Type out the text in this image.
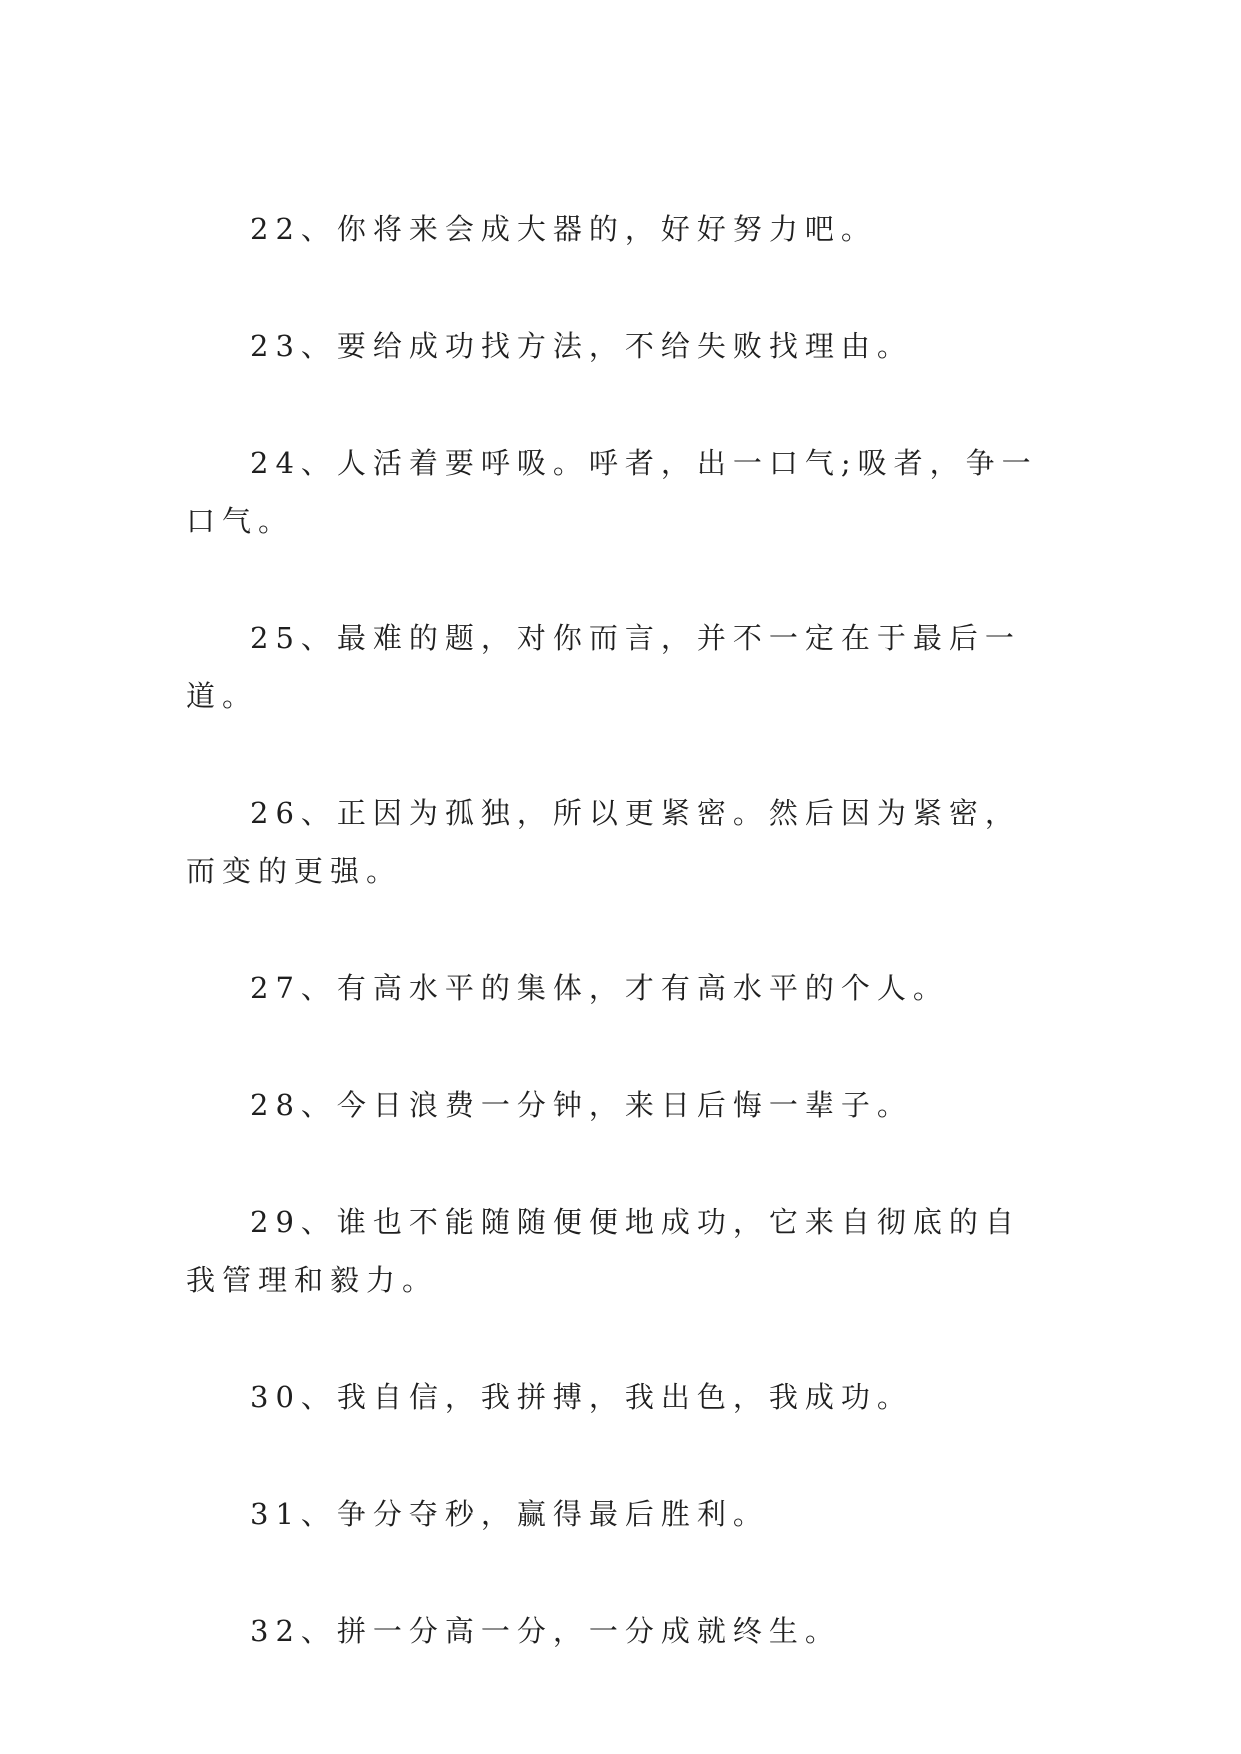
22、你将来会成大器的，好好努力吧。

23、要给成功找方法，不给失败找理由。

24、人活着要呼吸。呼者，出一口气;吸者，争一口气。

25、最难的题，对你而言，并不一定在于最后一道。

26、正因为孤独，所以更紧密。然后因为紧密，而变的更强。

27、有高水平的集体，才有高水平的个人。

28、今日浪费一分钟，来日后悔一辈子。

29、谁也不能随随便便地成功，它来自彻底的自我管理和毅力。

30、我自信，我拼搏，我出色，我成功。

31、争分夺秒，赢得最后胜利。

32、拼一分高一分，一分成就终生。
